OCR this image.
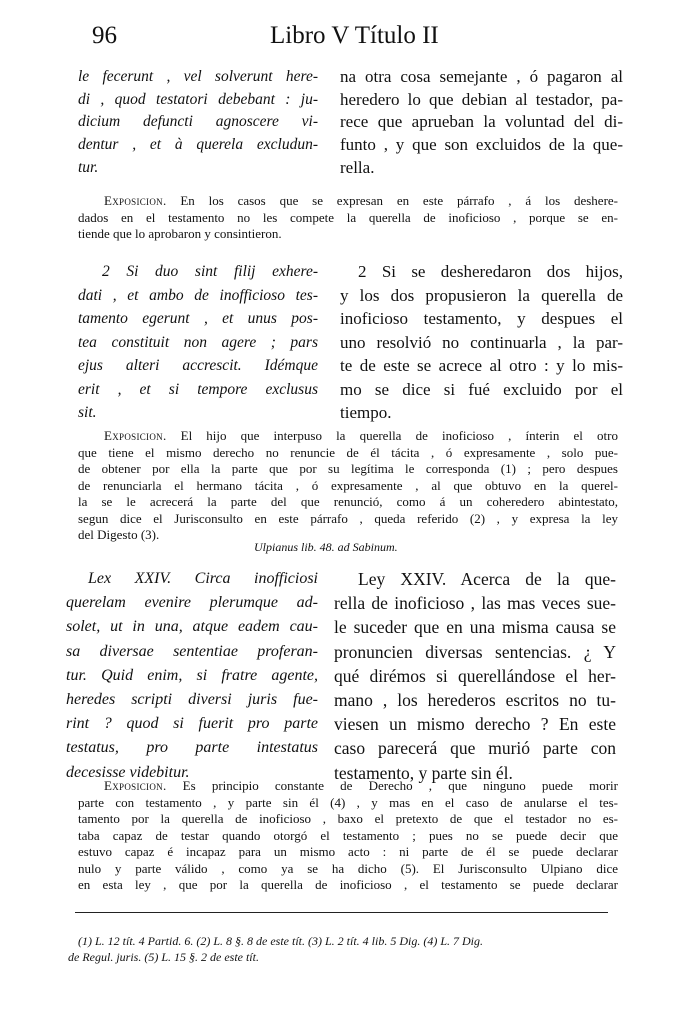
96	Libro V Título II
le fecerunt , vel solverunt here-
di , quod testatori debebant : ju-
dicium defuncti agnoscere vi-
dentur , et à querela excludun-
tur.
na otra cosa semejante , ó pagaron al
heredero lo que debian al testador, pa-
rece que aprueban la voluntad del di-
funto , y que son excluidos de la que-
rella.
Exposicion. En los casos que se expresan en este párrafo , á los deshere-
dados en el testamento no les compete la querella de inoficioso , porque se en-
tiende que lo aprobaron y consintieron.
2 Si duo sint filij exhere-
dati , et ambo de inofficioso tes-
tamento egerunt , et unus pos-
tea constituit non agere ; pars
ejus alteri accrescit. Idémque
erit , et si tempore exclusus
sit.
2 Si se desheredaron dos hijos,
y los dos propusieron la querella de
inoficioso testamento, y despues el
uno resolvió no continuarla , la par-
te de este se acrece al otro : y lo mis-
mo se dice si fué excluido por el
tiempo.
Exposicion. El hijo que interpuso la querella de inoficioso , ínterin el otro
que tiene el mismo derecho no renuncie de él tácita , ó expresamente , solo pue-
de obtener por ella la parte que por su legítima le corresponda (1) ; pero despues
de renunciarla el hermano tácita , ó expresamente , al que obtuvo en la querel-
la se le acrecerá la parte del que renunció, como á un coheredero abintestato,
segun dice el Jurisconsulto en este párrafo , queda referido (2) , y expresa la ley
del Digesto (3).
Ulpianus lib. 48. ad Sabinum.
Lex XXIV. Circa inofficiosi
querelam evenire plerumque ad-
solet, ut in una, atque eadem cau-
sa diversae sententiae proferan-
tur. Quid enim, si fratre agente,
heredes scripti diversi juris fue-
rint ? quod si fuerit pro parte
testatus, pro parte intestatus
decesisse videbitur.
Ley XXIV. Acerca de la que-
rella de inoficioso , las mas veces sue-
le suceder que en una misma causa se
pronuncien diversas sentencias. ¿ Y
qué dirémos si querellándose el her-
mano , los herederos escritos no tu-
viesen un mismo derecho ? En este
caso parecerá que murió parte con
testamento, y parte sin él.
Exposicion. Es principio constante de Derecho , que ninguno puede morir
parte con testamento , y parte sin él (4) , y mas en el caso de anularse el tes-
tamento por la querella de inoficioso , baxo el pretexto de que el testador no es-
taba capaz de testar quando otorgó el testamento ; pues no se puede decir que
estuvo capaz é incapaz para un mismo acto : ni parte de él se puede declarar
nulo y parte válido , como ya se ha dicho (5). El Jurisconsulto Ulpiano dice
en esta ley , que por la querella de inoficioso , el testamento se puede declarar
(1) L. 12 tít. 4 Partid. 6. (2) L. 8 §. 8 de este tít. (3) L. 2 tít. 4 lib. 5 Dig. (4) L. 7 Dig.
de Regul. juris. (5) L. 15 §. 2 de este tít.
